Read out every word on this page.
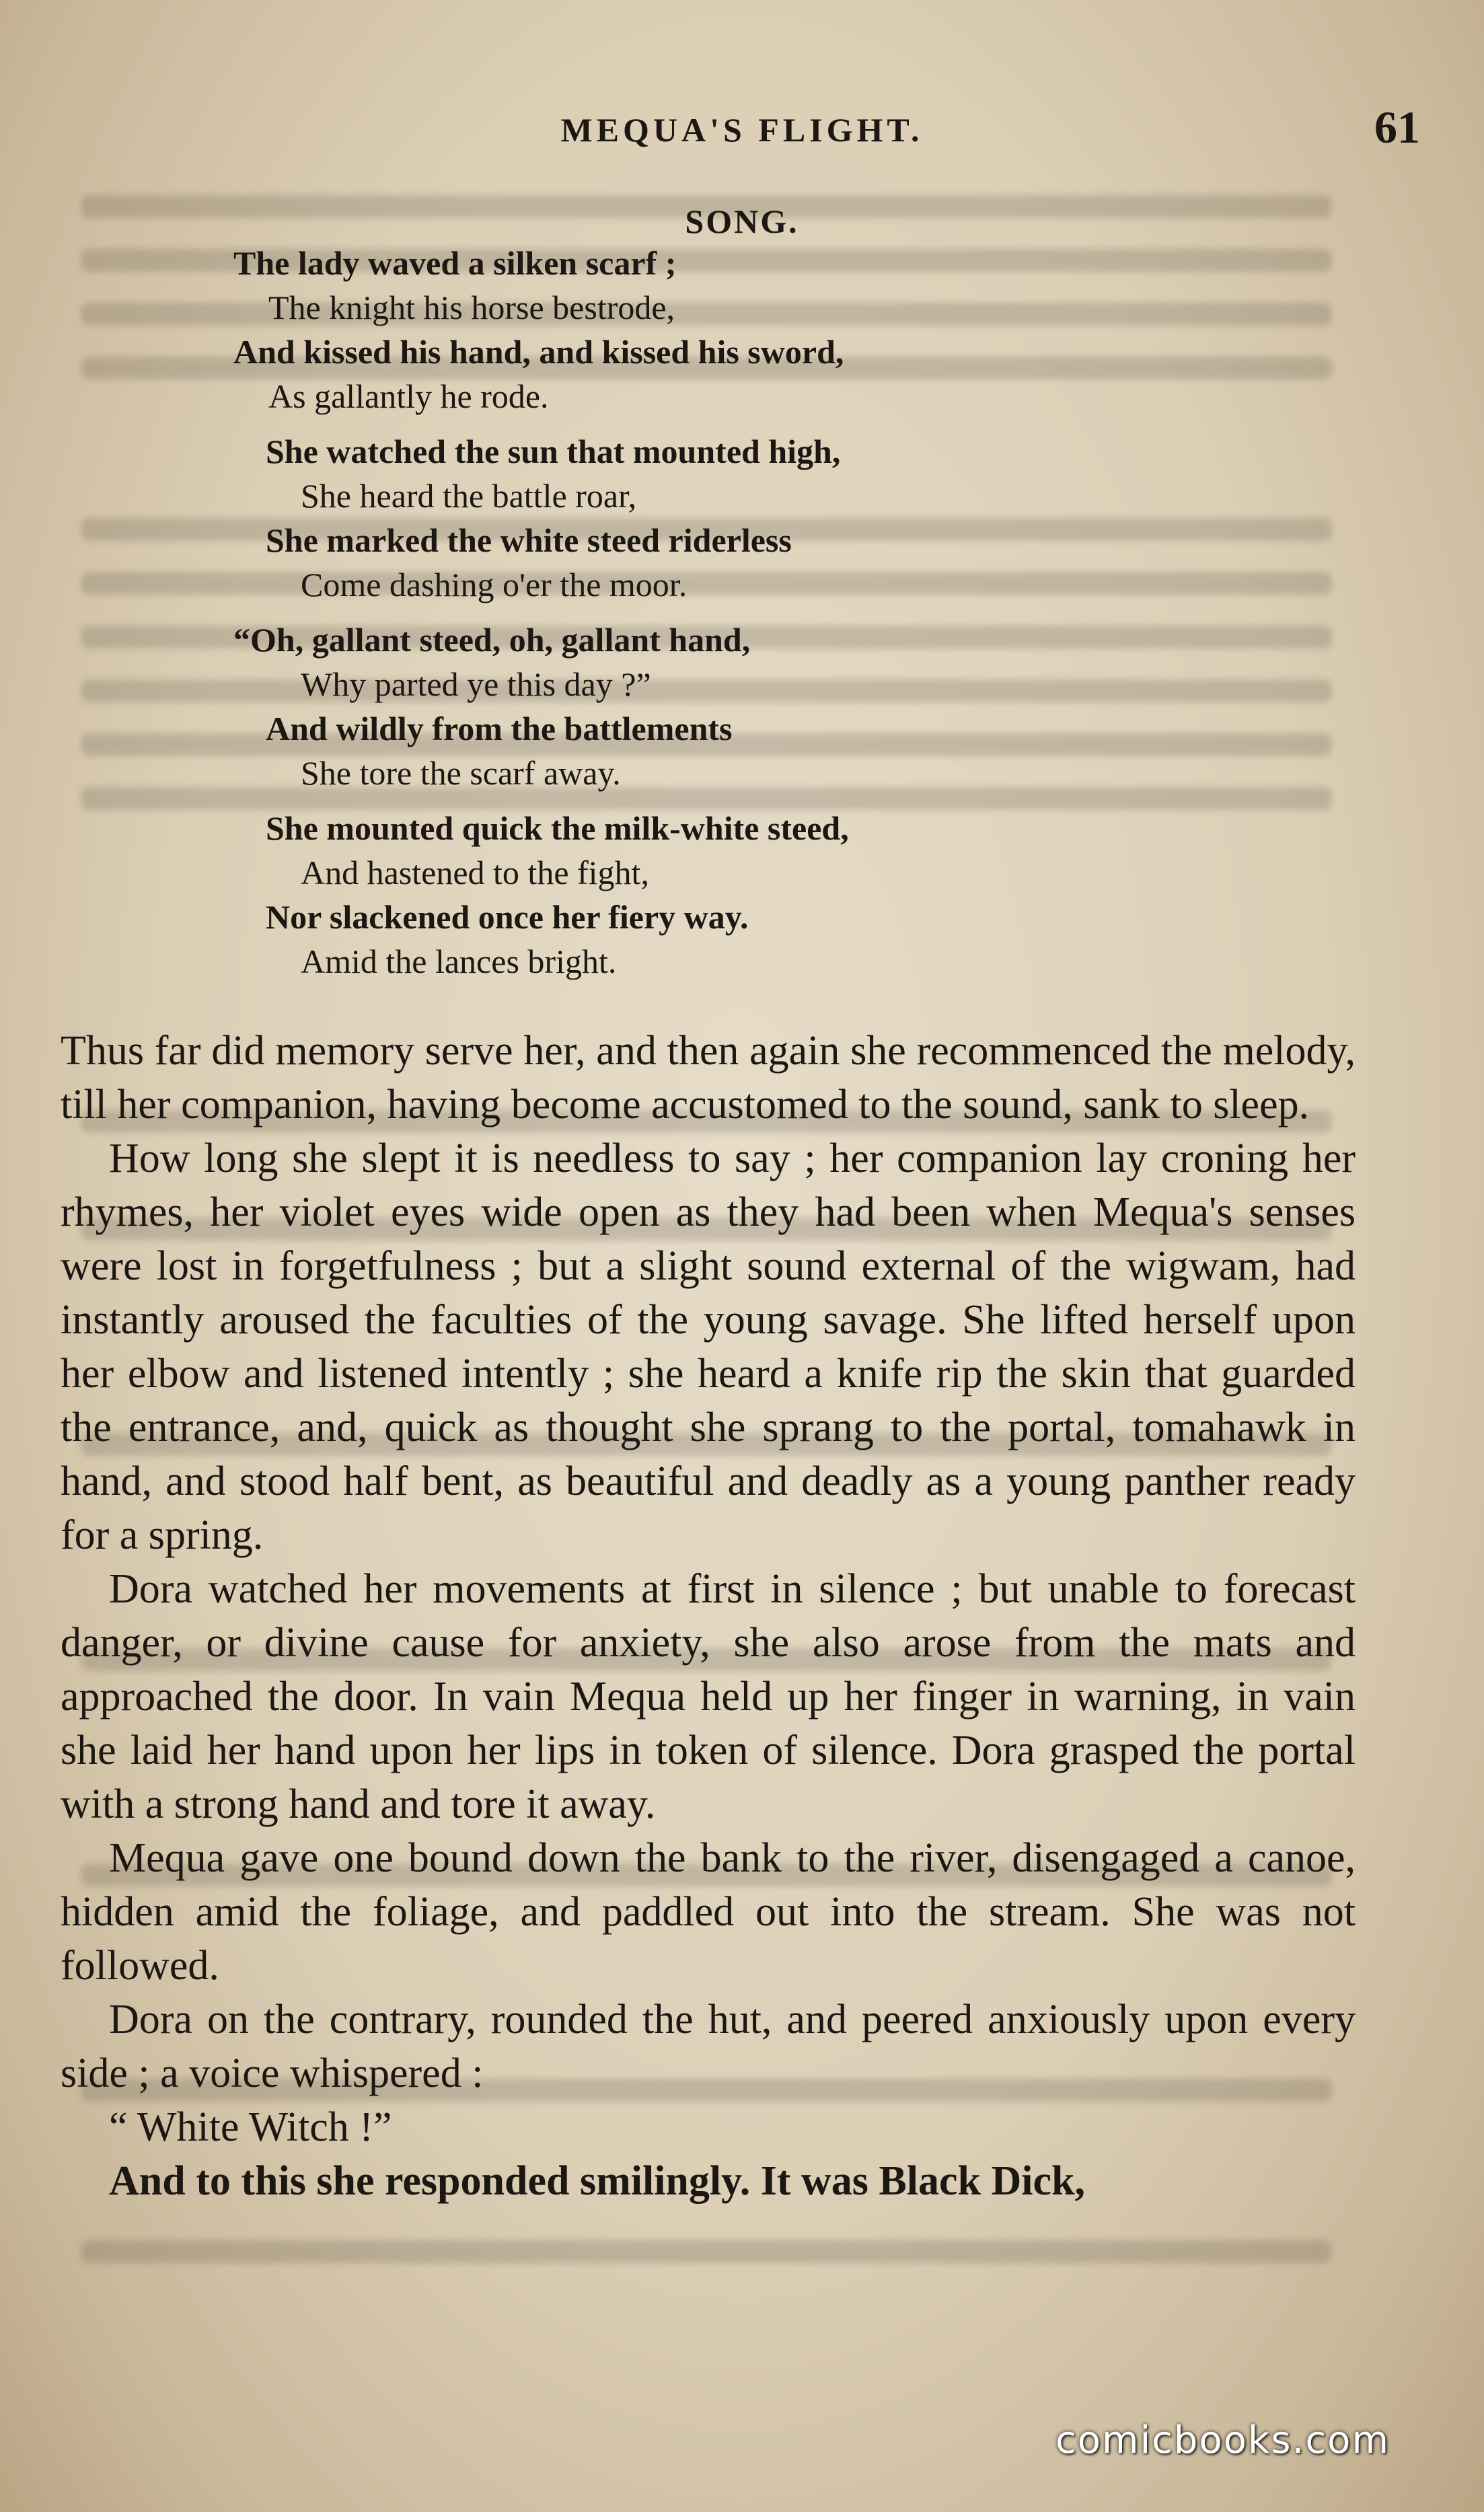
MEQUA'S FLIGHT.	61
SONG.
The lady waved a silken scarf ;
The knight his horse bestrode,
And kissed his hand, and kissed his sword,
As gallantly he rode.
She watched the sun that mounted high,
She heard the battle roar,
She marked the white steed riderless
Come dashing o'er the moor.
“Oh, gallant steed, oh, gallant hand,
Why parted ye this day ?”
And wildly from the battlements
She tore the scarf away.
She mounted quick the milk-white steed,
And hastened to the fight,
Nor slackened once her fiery way.
Amid the lances bright.

Thus far did memory serve her, and then again she recommenced the melody, till her companion, having become accustomed to the sound, sank to sleep.

How long she slept it is needless to say ; her companion lay croning her rhymes, her violet eyes wide open as they had been when Mequa's senses were lost in forgetfulness ; but a slight sound external of the wigwam, had instantly aroused the faculties of the young savage. She lifted herself upon her elbow and listened intently ; she heard a knife rip the skin that guarded the entrance, and, quick as thought she sprang to the portal, tomahawk in hand, and stood half bent, as beautiful and deadly as a young panther ready for a spring.

Dora watched her movements at first in silence ; but unable to forecast danger, or divine cause for anxiety, she also arose from the mats and approached the door. In vain Mequa held up her finger in warning, in vain she laid her hand upon her lips in token of silence. Dora grasped the portal with a strong hand and tore it away.

Mequa gave one bound down the bank to the river, disengaged a canoe, hidden amid the foliage, and paddled out into the stream. She was not followed.

Dora on the contrary, rounded the hut, and peered anxiously upon every side ; a voice whispered :

“ White Witch !”

And to this she responded smilingly. It was Black Dick,

comicbooks.com
